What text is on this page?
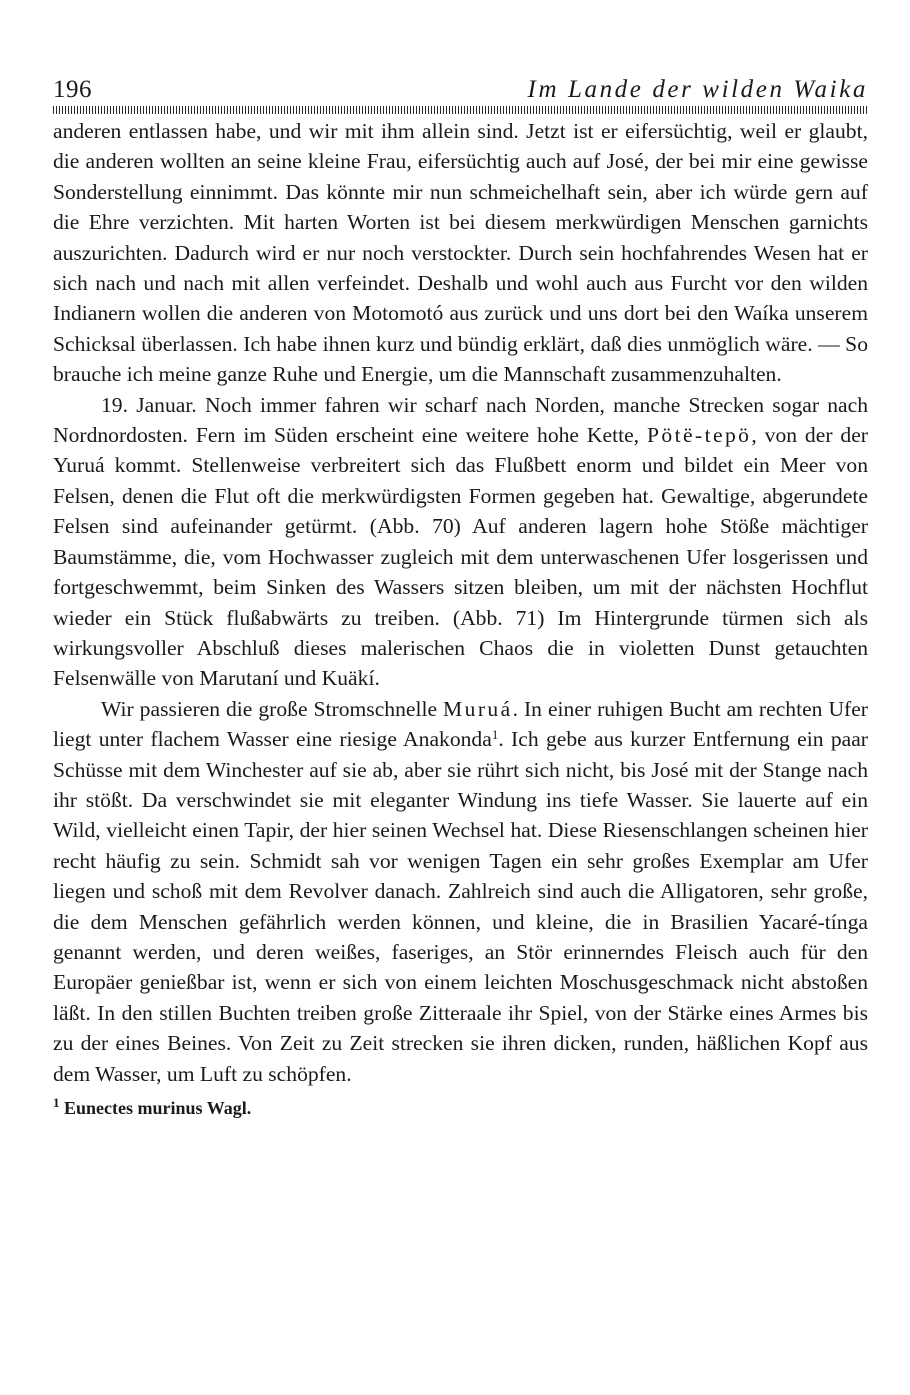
196	Im Lande der wilden Waika

anderen entlassen habe, und wir mit ihm allein sind. Jetzt ist er eifersüchtig, weil er glaubt, die anderen wollten an seine kleine Frau, eifersüchtig auch auf José, der bei mir eine gewisse Sonderstellung einnimmt. Das könnte mir nun schmeichelhaft sein, aber ich würde gern auf die Ehre verzichten. Mit harten Worten ist bei diesem merkwürdigen Menschen garnichts auszurichten. Dadurch wird er nur noch verstockter. Durch sein hochfahrendes Wesen hat er sich nach und nach mit allen verfeindet. Deshalb und wohl auch aus Furcht vor den wilden Indianern wollen die anderen von Motomotó aus zurück und uns dort bei den Waíka unserem Schicksal überlassen. Ich habe ihnen kurz und bündig erklärt, daß dies unmöglich wäre. — So brauche ich meine ganze Ruhe und Energie, um die Mannschaft zusammenzuhalten.

19. Januar. Noch immer fahren wir scharf nach Norden, manche Strecken sogar nach Nordnordosten. Fern im Süden erscheint eine weitere hohe Kette, Pötë-tepö, von der der Yuruá kommt. Stellenweise verbreitert sich das Flußbett enorm und bildet ein Meer von Felsen, denen die Flut oft die merkwürdigsten Formen gegeben hat. Gewaltige, abgerundete Felsen sind aufeinander getürmt. (Abb. 70) Auf anderen lagern hohe Stöße mächtiger Baumstämme, die, vom Hochwasser zugleich mit dem unterwaschenen Ufer losgerissen und fortgeschwemmt, beim Sinken des Wassers sitzen bleiben, um mit der nächsten Hochflut wieder ein Stück flußabwärts zu treiben. (Abb. 71) Im Hintergrunde türmen sich als wirkungsvoller Abschluß dieses malerischen Chaos die in violetten Dunst getauchten Felsenwälle von Marutaní und Kuäkí.

Wir passieren die große Stromschnelle Muruá. In einer ruhigen Bucht am rechten Ufer liegt unter flachem Wasser eine riesige Anakonda$^1$. Ich gebe aus kurzer Entfernung ein paar Schüsse mit dem Winchester auf sie ab, aber sie rührt sich nicht, bis José mit der Stange nach ihr stößt. Da verschwindet sie mit eleganter Windung ins tiefe Wasser. Sie lauerte auf ein Wild, vielleicht einen Tapir, der hier seinen Wechsel hat. Diese Riesenschlangen scheinen hier recht häufig zu sein. Schmidt sah vor wenigen Tagen ein sehr großes Exemplar am Ufer liegen und schoß mit dem Revolver danach. Zahlreich sind auch die Alligatoren, sehr große, die dem Menschen gefährlich werden können, und kleine, die in Brasilien Yacaré-tínga genannt werden, und deren weißes, faseriges, an Stör erinnerndes Fleisch auch für den Europäer genießbar ist, wenn er sich von einem leichten Moschusgeschmack nicht abstoßen läßt. In den stillen Buchten treiben große Zitteraale ihr Spiel, von der Stärke eines Armes bis zu der eines Beines. Von Zeit zu Zeit strecken sie ihren dicken, runden, häßlichen Kopf aus dem Wasser, um Luft zu schöpfen.

$^1$ Eunectes murinus Wagl.
